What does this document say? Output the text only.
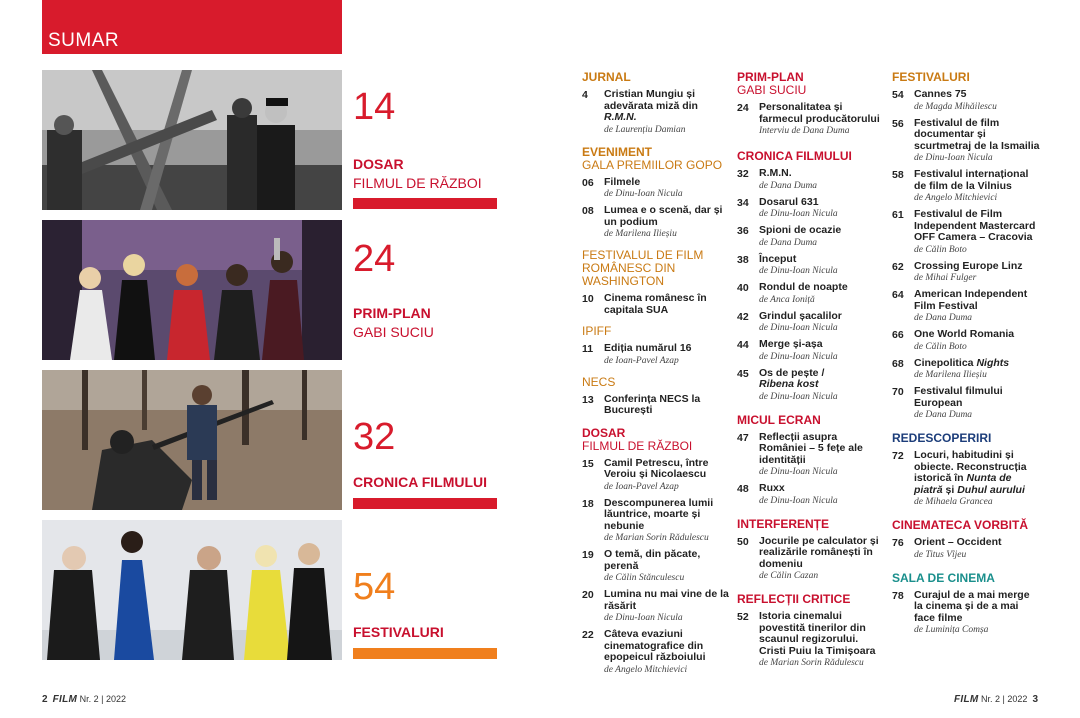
SUMAR
14
DOSAR
FILMUL DE RĂZBOI
24
PRIM-PLAN
GABI SUCIU
32
CRONICA FILMULUI
54
FESTIVALURI
JURNAL
4	Cristian Mungiu și adevărata miză din R.M.N.
de Laurențiu Damian
EVENIMENT
GALA PREMIILOR GOPO
06 Filmele
de Dinu-Ioan Nicula
08 Lumea e o scenă, dar și un podium
de Marilena Ilieșiu
FESTIVALUL DE FILM ROMÂNESC DIN WASHINGTON
10 Cinema românesc în capitala SUA
IPIFF
11	Ediția numărul 16
de Ioan-Pavel Azap
NECS
13 Conferința NECS la București
DOSAR
FILMUL DE RĂZBOI
15 Camil Petrescu, între Veroiu și Nicolaescu
de Ioan-Pavel Azap
18 Descompunerea lumii lăuntrice, moarte și nebunie
de Marian Sorin Rădulescu
19 O temă, din păcate, perenă
de Călin Stănculescu
20 Lumina nu mai vine de la răsărit
de Dinu-Ioan Nicula
22 Câteva evaziuni cinematografice din epopeicul războiului
de Angelo Mitchievici
PRIM-PLAN
GABI SUCIU
24 Personalitatea și farmecul producătorului
Interviu de Dana Duma
CRONICA FILMULUI
32 R.M.N.
de Dana Duma
34 Dosarul 631
de Dinu-Ioan Nicula
36 Spioni de ocazie
de Dana Duma
38 Început
de Dinu-Ioan Nicula
40 Rondul de noapte
de Anca Ioniță
42 Grindul șacalilor
de Dinu-Ioan Nicula
44 Merge și-așa
de Dinu-Ioan Nicula
45 Os de pește /
Ribena kost
de Dinu-Ioan Nicula
MICUL ECRAN
47 Reflecții asupra României – 5 fețe ale identității
de Dinu-Ioan Nicula
48 Ruxx
de Dinu-Ioan Nicula
INTERFERENȚE
50 Jocurile pe calculator și realizările românești în domeniu
de Călin Cazan
REFLECȚII CRITICE
52 Istoria cinemalui povestită tinerilor din scaunul regizorului. Cristi Puiu la Timișoara
de Marian Sorin Rădulescu
FESTIVALURI
54 Cannes 75
de Magda Mihăilescu
56 Festivalul de film documentar și scurtmetraj de la Ismailia
de Dinu-Ioan Nicula
58 Festivalul internațional de film de la Vilnius
de Angelo Mitchievici
61 Festivalul de Film Independent Mastercard OFF Camera – Cracovia
de Călin Boto
62 Crossing Europe Linz
de Mihai Fulger
64 American Independent Film Festival
de Dana Duma
66 One World Romania
de Călin Boto
68 Cinepolitica Nights
de Marilena Ilieșiu
70 Festivalul filmului European
de Dana Duma
REDESCOPERIRI
72 Locuri, habitudini și obiecte. Reconstrucția istorică în Nunta de piatră și Duhul aurului
de Mihaela Grancea
CINEMATECA VORBITĂ
76 Orient – Occident
de Titus Vîjeu
SALA DE CINEMA
78 Curajul de a mai merge la cinema și de a mai face filme
de Luminița Comșa
2 FILM Nr. 2 | 2022	FILM Nr. 2 | 2022 3
